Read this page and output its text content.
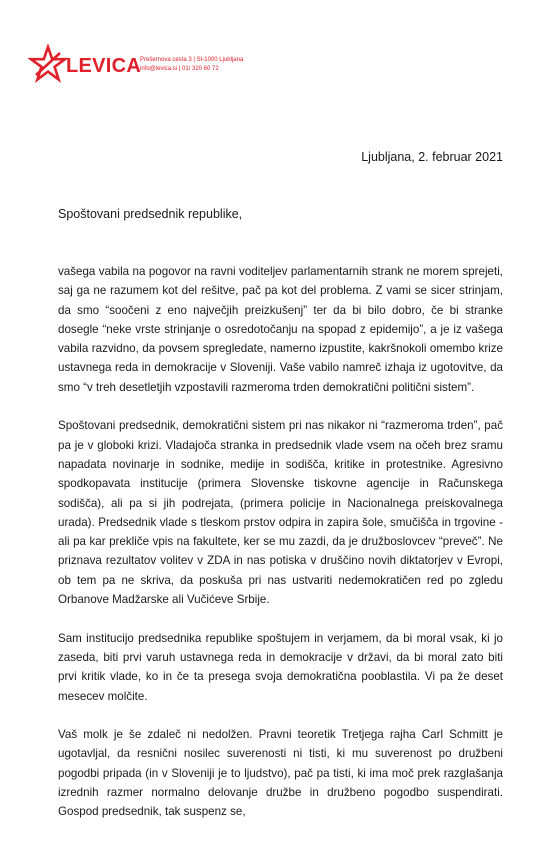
LEVICA
Prešernova cesta 3 | SI-1000 Ljubljana
info@levica.si | 01/ 320 60 72
Ljubljana, 2. februar 2021
Spoštovani predsednik republike,

vašega vabila na pogovor na ravni voditeljev parlamentarnih strank ne morem sprejeti, saj ga ne razumem kot del rešitve, pač pa kot del problema. Z vami se sicer strinjam, da smo “soočeni z eno največjih preizkušenj” ter da bi bilo dobro, če bi stranke dosegle “neke vrste strinjanje o osredotočanju na spopad z epidemijo”, a je iz vašega vabila razvidno, da povsem spregledate, namerno izpustite, kakršnokoli omembo krize ustavnega reda in demokracije v Sloveniji. Vaše vabilo namreč izhaja iz ugotovitve, da smo “v treh desetletjih vzpostavili razmeroma trden demokratični politični sistem”.

Spoštovani predsednik, demokratični sistem pri nas nikakor ni “razmeroma trden”, pač pa je v globoki krizi. Vladajoča stranka in predsednik vlade vsem na očeh brez sramu napadata novinarje in sodnike, medije in sodišča, kritike in protestnike. Agresivno spodkopavata institucije (primera Slovenske tiskovne agencije in Računskega sodišča), ali pa si jih podrejata, (primera policije in Nacionalnega preiskovalnega urada). Predsednik vlade s tleskom prstov odpira in zapira šole, smučišča in trgovine - ali pa kar prekliče vpis na fakultete, ker se mu zazdi, da je družboslovcev “preveč”. Ne priznava rezultatov volitev v ZDA in nas potiska v druščino novih diktatorjev v Evropi, ob tem pa ne skriva, da poskuša pri nas ustvariti nedemokratičen red po zgledu Orbanove Madžarske ali Vučićeve Srbije.

Sam institucijo predsednika republike spoštujem in verjamem, da bi moral vsak, ki jo zaseda, biti prvi varuh ustavnega reda in demokracije v državi, da bi moral zato biti prvi kritik vlade, ko in če ta presega svoja demokratična pooblastila. Vi pa že deset mesecev molčite.

Vaš molk je še zdaleč ni nedolžen. Pravni teoretik Tretjega rajha Carl Schmitt je ugotavljal, da resnični nosilec suverenosti ni tisti, ki mu suverenost po družbeni pogodbi pripada (in v Sloveniji je to ljudstvo), pač pa tisti, ki ima moč prek razglašanja izrednih razmer normalno delovanje družbe in družbeno pogodbo suspendirati. Gospod predsednik, tak suspenz se,
